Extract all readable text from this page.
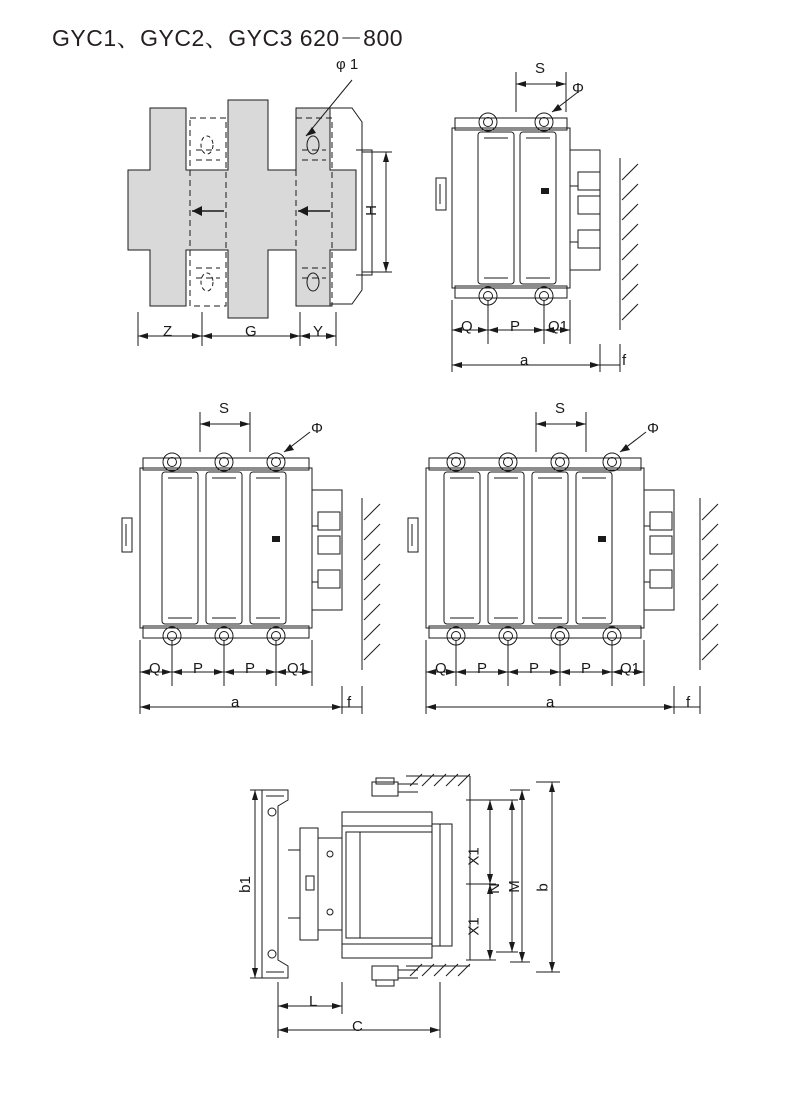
GYC1、GYC2、GYC3 620－800
φ 1
H
Z	G	Y
S
Φ
Q P Q1
a	f
S
Φ
Q P	P Q1
a	f
S
Φ
Q P	P	P Q1
a	f
b1
X1
X1
N M b
L
C
